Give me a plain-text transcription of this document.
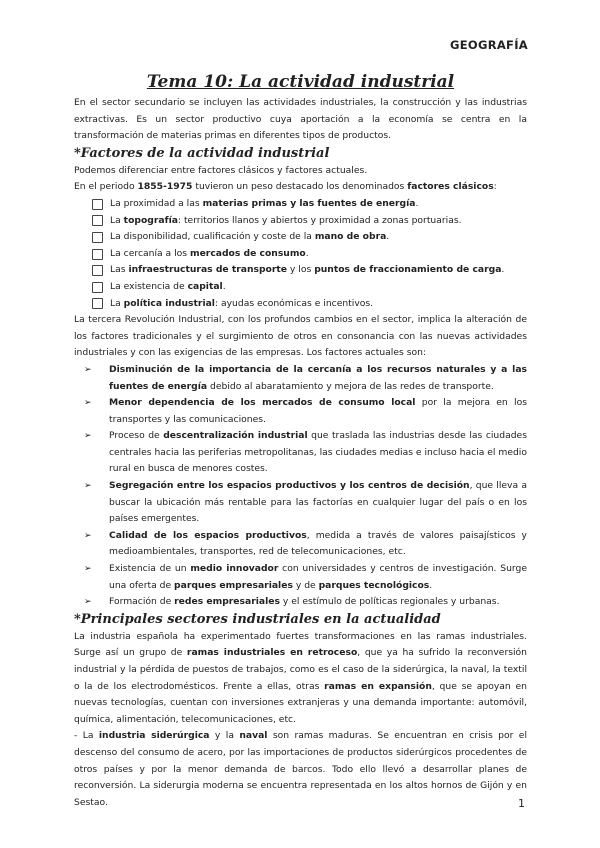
GEOGRAFÍA
Tema 10: La actividad industrial

En el sector secundario se incluyen las actividades industriales, la construcción y las industrias extractivas. Es un sector productivo cuya aportación a la economía se centra en la transformación de materias primas en diferentes tipos de productos.

*Factores de la actividad industrial

Podemos diferenciar entre factores clásicos y factores actuales.

En el periodo 1855-1975 tuvieron un peso destacado los denominados factores clásicos:

La proximidad a las materias primas y las fuentes de energía.
La topografía: territorios llanos y abiertos y proximidad a zonas portuarias.
La disponibilidad, cualificación y coste de la mano de obra.
La cercanía a los mercados de consumo.
Las infraestructuras de transporte y los puntos de fraccionamiento de carga.
La existencia de capital.
La política industrial: ayudas económicas e incentivos.

La tercera Revolución Industrial, con los profundos cambios en el sector, implica la alteración de los factores tradicionales y el surgimiento de otros en consonancia con las nuevas actividades industriales y con las exigencias de las empresas. Los factores actuales son:

➢ Disminución de la importancia de la cercanía a los recursos naturales y a las fuentes de energía debido al abaratamiento y mejora de las redes de transporte.
➢ Menor dependencia de los mercados de consumo local por la mejora en los transportes y las comunicaciones.
➢ Proceso de descentralización industrial que traslada las industrias desde las ciudades centrales hacia las periferias metropolitanas, las ciudades medias e incluso hacia el medio rural en busca de menores costes.
➢ Segregación entre los espacios productivos y los centros de decisión, que lleva a buscar la ubicación más rentable para las factorías en cualquier lugar del país o en los países emergentes.
➢ Calidad de los espacios productivos, medida a través de valores paisajísticos y medioambientales, transportes, red de telecomunicaciones, etc.
➢ Existencia de un medio innovador con universidades y centros de investigación. Surge una oferta de parques empresariales y de parques tecnológicos.
➢ Formación de redes empresariales y el estímulo de políticas regionales y urbanas.
*Principales sectores industriales en la actualidad

La industria española ha experimentado fuertes transformaciones en las ramas industriales. Surge así un grupo de ramas industriales en retroceso, que ya ha sufrido la reconversión industrial y la pérdida de puestos de trabajos, como es el caso de la siderúrgica, la naval, la textil o la de los electrodomésticos. Frente a ellas, otras ramas en expansión, que se apoyan en nuevas tecnologías, cuentan con inversiones extranjeras y una demanda importante: automóvil, química, alimentación, telecomunicaciones, etc.

- La industria siderúrgica y la naval son ramas maduras. Se encuentran en crisis por el descenso del consumo de acero, por las importaciones de productos siderúrgicos procedentes de otros países y por la menor demanda de barcos. Todo ello llevó a desarrollar planes de reconversión. La siderurgia moderna se encuentra representada en los altos hornos de Gijón y en Sestao.	1
